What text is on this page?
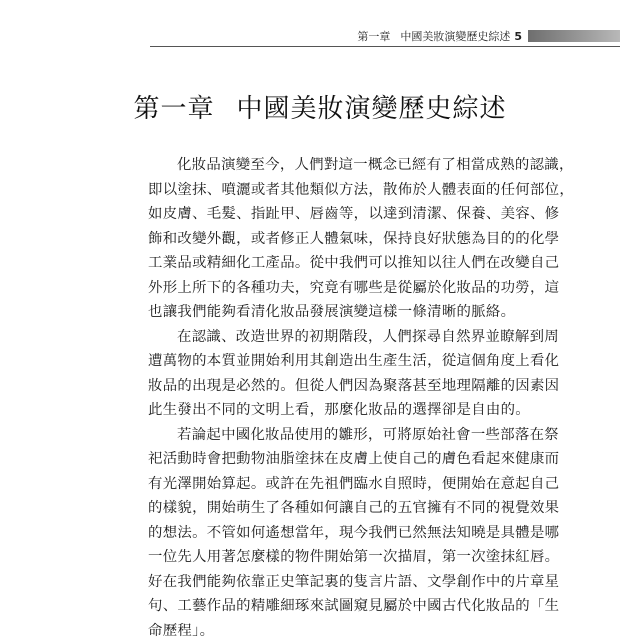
第一章 中國美妝演變歷史綜述 5
第一章 中國美妝演變歷史綜述
化妝品演變至今，人們對這一概念已經有了相當成熟的認識，
即以塗抹、噴灑或者其他類似方法，散佈於人體表面的任何部位，
如皮膚、毛髮、指趾甲、唇齒等，以達到清潔、保養、美容、修
飾和改變外觀，或者修正人體氣味，保持良好狀態為目的的化學
工業品或精細化工產品。從中我們可以推知以往人們在改變自己
外形上所下的各種功夫，究竟有哪些是從屬於化妝品的功勞，這
也讓我們能夠看清化妝品發展演變這樣一條清晰的脈絡。
在認識、改造世界的初期階段，人們探尋自然界並瞭解到周
遭萬物的本質並開始利用其創造出生產生活，從這個角度上看化
妝品的出現是必然的。但從人們因為聚落甚至地理隔離的因素因
此生發出不同的文明上看，那麼化妝品的選擇卻是自由的。
若論起中國化妝品使用的雛形，可將原始社會一些部落在祭
祀活動時會把動物油脂塗抹在皮膚上使自己的膚色看起來健康而
有光澤開始算起。或許在先祖們臨水自照時，便開始在意起自己
的樣貌，開始萌生了各種如何讓自己的五官擁有不同的視覺效果
的想法。不管如何遙想當年，現今我們已然無法知曉是具體是哪
一位先人用著怎麼樣的物件開始第一次描眉，第一次塗抹紅唇。
好在我們能夠依靠正史筆記裏的隻言片語、文學創作中的片章星
句、工藝作品的精雕細琢來試圖窺見屬於中國古代化妝品的「生
命歷程」。
